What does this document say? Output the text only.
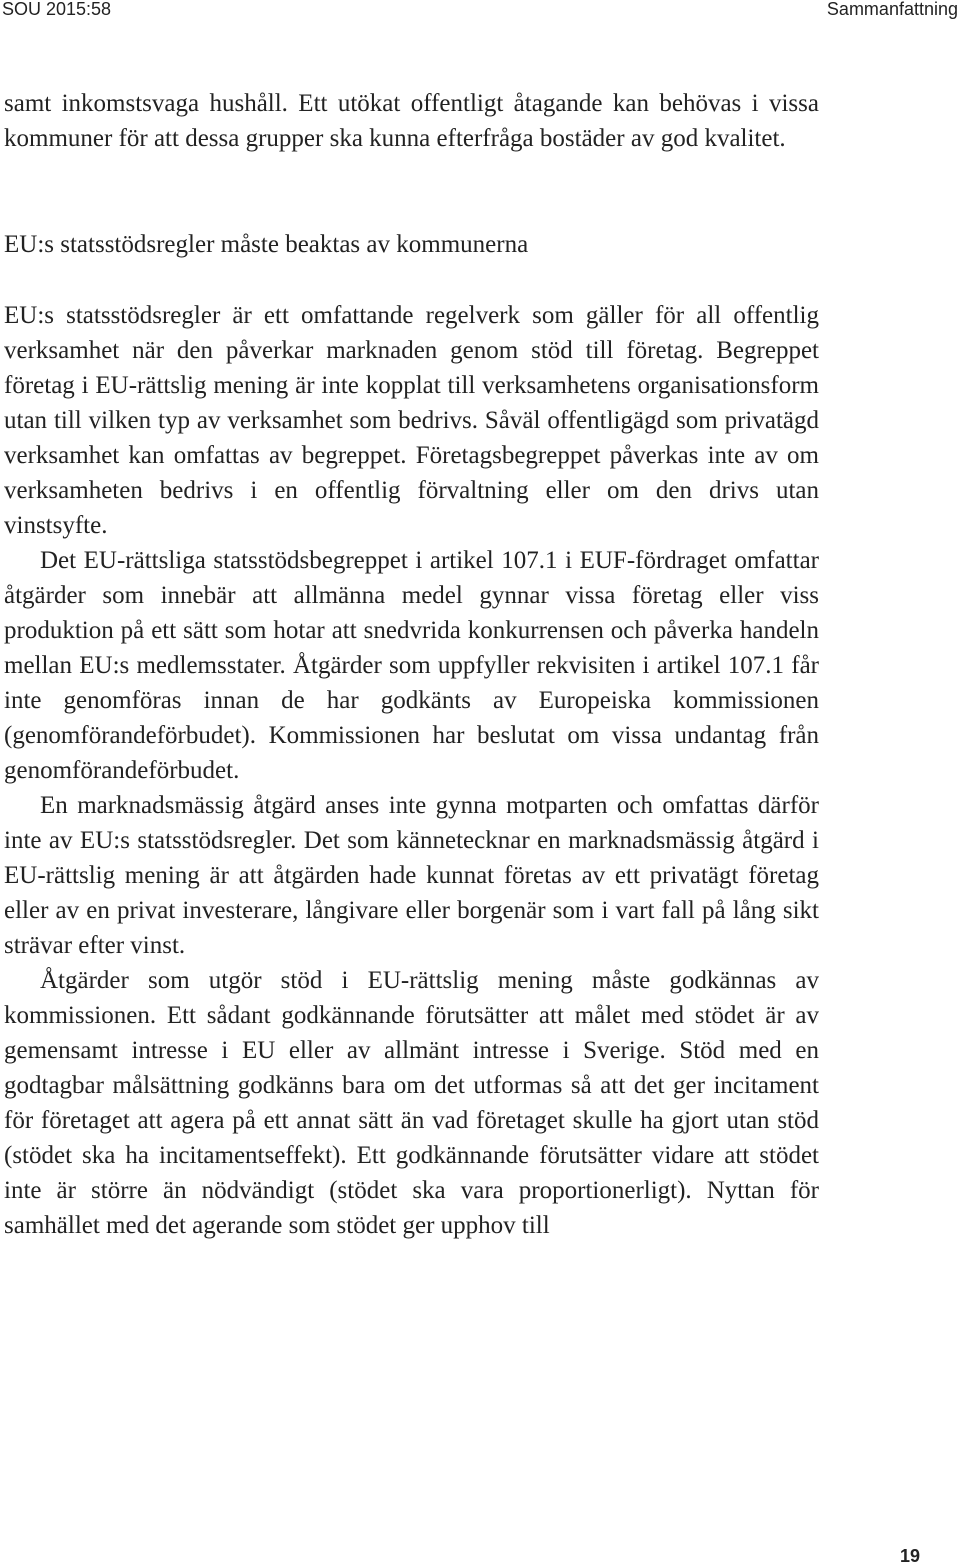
SOU 2015:58	Sammanfattning

samt inkomstsvaga hushåll. Ett utökat offentligt åtagande kan behövas i vissa kommuner för att dessa grupper ska kunna efterfråga bostäder av god kvalitet.

EU:s statsstödsregler måste beaktas av kommunerna

EU:s statsstödsregler är ett omfattande regelverk som gäller för all offentlig verksamhet när den påverkar marknaden genom stöd till företag. Begreppet företag i EU-rättslig mening är inte kopplat till verksamhetens organisationsform utan till vilken typ av verksamhet som bedrivs. Såväl offentligägd som privatägd verksamhet kan omfattas av begreppet. Företagsbegreppet påverkas inte av om verksamheten bedrivs i en offentlig förvaltning eller om den drivs utan vinstsyfte.

Det EU-rättsliga statsstödsbegreppet i artikel 107.1 i EUF-fördraget omfattar åtgärder som innebär att allmänna medel gynnar vissa företag eller viss produktion på ett sätt som hotar att snedvrida konkurrensen och påverka handeln mellan EU:s medlemsstater. Åtgärder som uppfyller rekvisiten i artikel 107.1 får inte genomföras innan de har godkänts av Europeiska kommissionen (genomförandeförbudet). Kommissionen har beslutat om vissa undantag från genomförandeförbudet.

En marknadsmässig åtgärd anses inte gynna motparten och omfattas därför inte av EU:s statsstödsregler. Det som kännetecknar en marknadsmässig åtgärd i EU-rättslig mening är att åtgärden hade kunnat företas av ett privatägt företag eller av en privat investerare, långivare eller borgenär som i vart fall på lång sikt strävar efter vinst.

Åtgärder som utgör stöd i EU-rättslig mening måste godkännas av kommissionen. Ett sådant godkännande förutsätter att målet med stödet är av gemensamt intresse i EU eller av allmänt intresse i Sverige. Stöd med en godtagbar målsättning godkänns bara om det utformas så att det ger incitament för företaget att agera på ett annat sätt än vad företaget skulle ha gjort utan stöd (stödet ska ha incitamentseffekt). Ett godkännande förutsätter vidare att stödet inte är större än nödvändigt (stödet ska vara proportionerligt). Nyttan för samhället med det agerande som stödet ger upphov till

19
